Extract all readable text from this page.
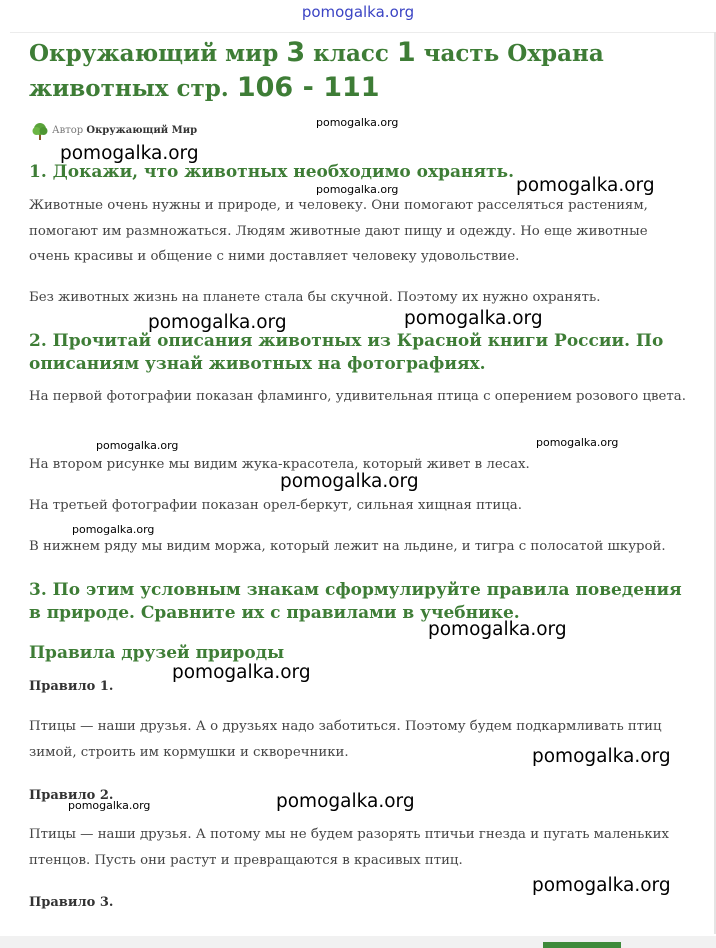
pomogalka.org
Окружающий мир 3 класс 1 часть Охрана животных стр. 106 - 111
Автор Окружающий Мир
1. Докажи, что животных необходимо охранять.

Животные очень нужны и природе, и человеку. Они помогают расселяться растениям, помогают им размножаться. Людям животные дают пищу и одежду. Но еще животные очень красивы и общение с ними доставляет человеку удовольствие.

Без животных жизнь на планете стала бы скучной. Поэтому их нужно охранять.

2. Прочитай описания животных из Красной книги России. По описаниям узнай животных на фотографиях.

На первой фотографии показан фламинго, удивительная птица с оперением розового цвета.

На втором рисунке мы видим жука-красотела, который живет в лесах.

На третьей фотографии показан орел-беркут, сильная хищная птица.

В нижнем ряду мы видим моржа, который лежит на льдине, и тигра с полосатой шкурой.

3. По этим условным знакам сформулируйте правила поведения в природе. Сравните их с правилами в учебнике.
Правила друзей природы

Правило 1.

Птицы — наши друзья. А о друзьях надо заботиться. Поэтому будем подкармливать птиц зимой, строить им кормушки и скворечники.

Правило 2.

Птицы — наши друзья. А потому мы не будем разорять птичьи гнезда и пугать маленьких птенцов. Пусть они растут и превращаются в красивых птиц.

Правило 3.

pomogalka.org
pomogalka.org
pomogalka.org	pomogalka.org
pomogalka.org	pomogalka.org
pomogalka.org	pomogalka.org
pomogalka.org
pomogalka.org
pomogalka.org
pomogalka.org
pomogalka.org
pomogalka.org	pomogalka.org
pomogalka.org
